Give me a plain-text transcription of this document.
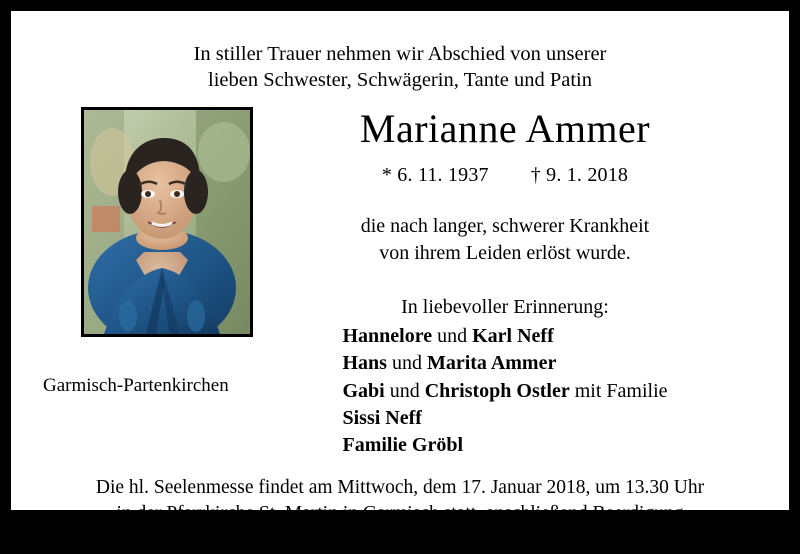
In stiller Trauer nehmen wir Abschied von unserer
lieben Schwester, Schwägerin, Tante und Patin
Garmisch-Partenkirchen
Marianne Ammer
* 6. 11. 1937 † 9. 1. 2018
die nach langer, schwerer Krankheit
von ihrem Leiden erlöst wurde.
In liebevoller Erinnerung:
Hannelore und Karl Neff
Hans und Marita Ammer
Gabi und Christoph Ostler mit Familie
Sissi Neff
Familie Gröbl
Die hl. Seelenmesse findet am Mittwoch, dem 17. Januar 2018, um 13.30 Uhr
in der Pfarrkirche St. Martin in Garmisch statt, anschließend Beerdigung
auf dem Friedhof Garmisch.
